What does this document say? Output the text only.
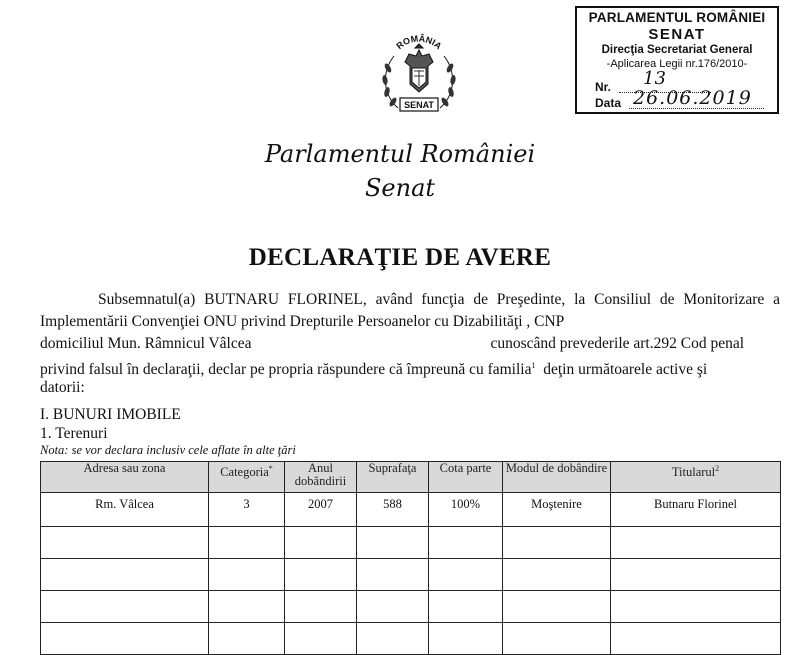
PARLAMENTUL ROMÂNIEI
SENAT
Direcţia Secretariat General
-Aplicarea Legii nr.176/2010-
Nr. 13
Data 26.06.2019
ROMÂNIA
SENAT
Parlamentul României
Senat
DECLARAŢIE DE AVERE
Subsemnatul(a) BUTNARU FLORINEL, având funcţia de Preşedinte, la Consiliul de Monitorizare a
Implementării Convenţiei ONU privind Drepturile Persoanelor cu Dizabilităţi , CNP
domiciliul Mun. Râmnicul Vâlcea	cunoscând prevederile art.292 Cod penal
privind falsul în declaraţii, declar pe propria răspundere că împreună cu familia$^1$ deţin următoarele active şi
datorii:
I. BUNURI IMOBILE
1. Terenuri
Nota: se vor declara inclusiv cele aflate în alte ţări
Adresa sau zona	Categoria*	Anul dobândirii	Suprafaţa	Cota parte	Modul de dobândire	Titularul$^2$
Rm. Vâlcea	3	2007	588	100%	Moştenire	Butnaru Florinel
